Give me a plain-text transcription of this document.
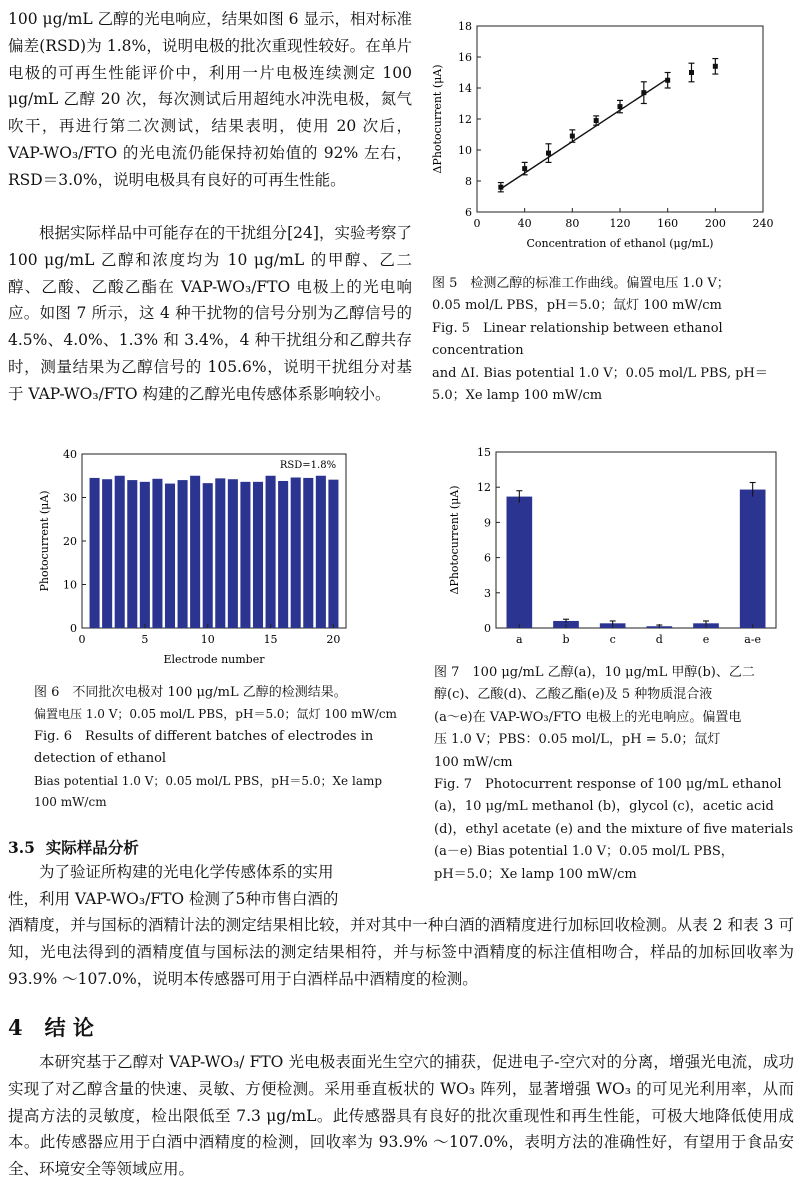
100 μg/mL 乙醇的光电响应，结果如图 6 显示，相对标准偏差(RSD)为 1.8%，说明电极的批次重现性较好。在单片电极的可再生性能评价中，利用一片电极连续测定 100 μg/mL 乙醇 20 次，每次测试后用超纯水冲洗电极，氮气吹干，再进行第二次测试，结果表明，使用 20 次后，VAP-WO₃/FTO 的光电流仍能保持初始值的 92% 左右，RSD＝3.0%，说明电极具有良好的可再生性能。

根据实际样品中可能存在的干扰组分[24]，实验考察了 100 μg/mL 乙醇和浓度均为 10 μg/mL 的甲醇、乙二醇、乙酸、乙酸乙酯在 VAP-WO₃/FTO 电极上的光电响应。如图 7 所示，这 4 种干扰物的信号分别为乙醇信号的 4.5%、4.0%、1.3% 和 3.4%，4 种干扰组分和乙醇共存时，测量结果为乙醇信号的 105.6%，说明干扰组分对基于 VAP-WO₃/FTO 构建的乙醇光电传感体系影响较小。

0	40	80	120 160 200 240
6
8
10
12
14
16
18
Concentration of ethanol (μg/mL)
ΔPhotocurrent (μA)

图 5　检测乙醇的标准工作曲线。偏置电压 1.0 V；

0.05 mol/L PBS，pH＝5.0；氙灯 100 mW/cm

Fig. 5　Linear relationship between ethanol concentration

and ΔI. Bias potential 1.0 V；0.05 mol/L PBS, pH＝

5.0；Xe lamp 100 mW/cm

0	5	10	15	20
0
10
20
30
40
Electrode number
Photocurrent (μA)
RSD=1.8%

图 6　不同批次电极对 100 μg/mL 乙醇的检测结果。

偏置电压 1.0 V；0.05 mol/L PBS，pH＝5.0；氙灯 100 mW/cm

Fig. 6　Results of different batches of electrodes in

detection of ethanol

Bias potential 1.0 V；0.05 mol/L PBS，pH＝5.0；Xe lamp

100 mW/cm

a	b	c	d	e	a-e
0
3
6
9
12
15
ΔPhotocurrent (μA)

图 7　100 μg/mL 乙醇(a)，10 μg/mL 甲醇(b)、乙二

醇(c)、乙酸(d)、乙酸乙酯(e)及 5 种物质混合液

(a～e)在 VAP-WO₃/FTO 电极上的光电响应。偏置电

压 1.0 V；PBS：0.05 mol/L，pH = 5.0；氙灯

100 mW/cm

Fig. 7　Photocurrent response of 100 μg/mL ethanol

(a)，10 μg/mL methanol (b)，glycol (c)，acetic acid

(d)，ethyl acetate (e) and the mixture of five materials

(a－e) Bias potential 1.0 V；0.05 mol/L PBS，

pH＝5.0；Xe lamp 100 mW/cm

3.5 实际样品分析

为了验证所构建的光电化学传感体系的实用

性，利用 VAP-WO₃/FTO 检测了5种市售白酒的

酒精度，并与国标的酒精计法的测定结果相比较，并对其中一种白酒的酒精度进行加标回收检测。从表 2 和表 3 可知，光电法得到的酒精度值与国标法的测定结果相符，并与标签中酒精度的标注值相吻合，样品的加标回收率为 93.9% ～107.0%，说明本传感器可用于白酒样品中酒精度的检测。

4 结 论

本研究基于乙醇对 VAP-WO₃/ FTO 光电极表面光生空穴的捕获，促进电子-空穴对的分离，增强光电流，成功实现了对乙醇含量的快速、灵敏、方便检测。采用垂直板状的 WO₃ 阵列，显著增强 WO₃ 的可见光利用率，从而提高方法的灵敏度，检出限低至 7.3 μg/mL。此传感器具有良好的批次重现性和再生性能，可极大地降低使用成本。此传感器应用于白酒中酒精度的检测，回收率为 93.9% ～107.0%，表明方法的准确性好，有望用于食品安全、环境安全等领域应用。
